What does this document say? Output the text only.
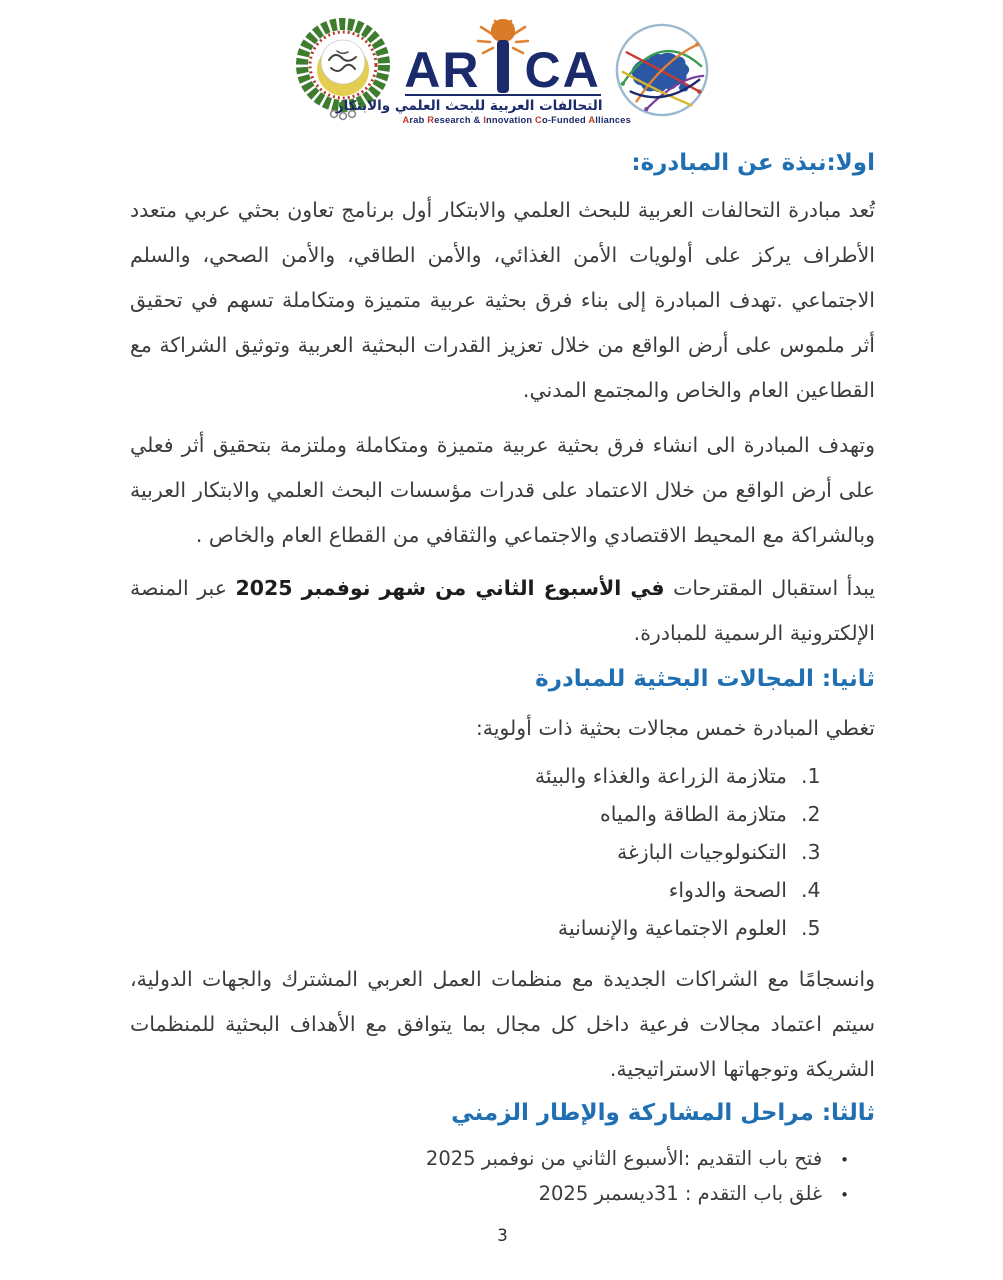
AR CA
التحالفات العربية للبحث العلمي والابتكار
Arab Research & Innovation Co-Funded Alliances
اولا:نبذة عن المبادرة:

تُعد مبادرة التحالفات العربية للبحث العلمي والابتكار أول برنامج تعاون بحثي عربي متعدد الأطراف يركز على أولويات الأمن الغذائي، والأمن الطاقي، والأمن الصحي، والسلم الاجتماعي .تهدف المبادرة إلى بناء فرق بحثية عربية متميزة ومتكاملة تسهم في تحقيق أثر ملموس على أرض الواقع من خلال تعزيز القدرات البحثية العربية وتوثيق الشراكة مع القطاعين العام والخاص والمجتمع المدني.

وتهدف المبادرة الى انشاء فرق بحثية عربية متميزة ومتكاملة وملتزمة بتحقيق أثر فعلي على أرض الواقع من خلال الاعتماد على قدرات مؤسسات البحث العلمي والابتكار العربية وبالشراكة مع المحيط الاقتصادي والاجتماعي والثقافي من القطاع العام والخاص .

يبدأ استقبال المقترحات في الأسبوع الثاني من شهر نوفمبر 2025 عبر المنصة الإلكترونية الرسمية للمبادرة.

ثانيا: المجالات البحثية للمبادرة
تغطي المبادرة خمس مجالات بحثية ذات أولوية:
1.
متلازمة الزراعة والغذاء والبيئة
2.
متلازمة الطاقة والمياه
3.
التكنولوجيات البازغة
4.
الصحة والدواء
5.
العلوم الاجتماعية والإنسانية

وانسجامًا مع الشراكات الجديدة مع منظمات العمل العربي المشترك والجهات الدولية، سيتم اعتماد مجالات فرعية داخل كل مجال بما يتوافق مع الأهداف البحثية للمنظمات الشريكة وتوجهاتها الاستراتيجية.

ثالثا: مراحل المشاركة والإطار الزمني
•
فتح باب التقديم :الأسبوع الثاني من نوفمبر 2025
•
غلق باب التقدم : 31ديسمبر 2025
3
